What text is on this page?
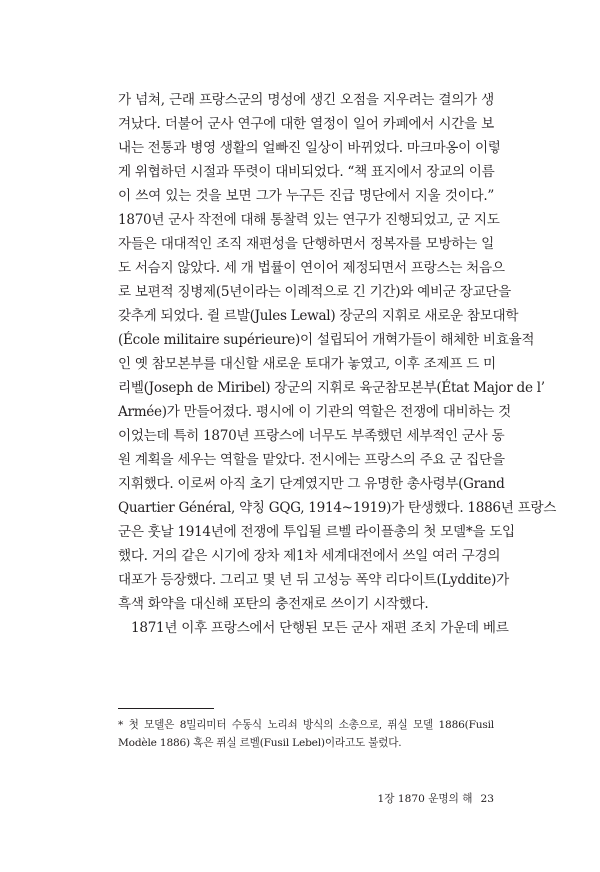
가 넘쳐, 근래 프랑스군의 명성에 생긴 오점을 지우려는 결의가 생
겨났다. 더불어 군사 연구에 대한 열정이 일어 카페에서 시간을 보
내는 전통과 병영 생활의 얼빠진 일상이 바뀌었다. 마크마옹이 이렇
게 위협하던 시절과 뚜렷이 대비되었다. “책 표지에서 장교의 이름
이 쓰여 있는 것을 보면 그가 누구든 진급 명단에서 지울 것이다.”
1870년 군사 작전에 대해 통찰력 있는 연구가 진행되었고, 군 지도
자들은 대대적인 조직 재편성을 단행하면서 정복자를 모방하는 일
도 서슴지 않았다. 세 개 법률이 연이어 제정되면서 프랑스는 처음으
로 보편적 징병제(5년이라는 이례적으로 긴 기간)와 예비군 장교단을
갖추게 되었다. 쥘 르발(Jules Lewal) 장군의 지휘로 새로운 참모대학
(École militaire supérieure)이 설립되어 개혁가들이 해체한 비효율적
인 옛 참모본부를 대신할 새로운 토대가 놓였고, 이후 조제프 드 미
리벨(Joseph de Miribel) 장군의 지휘로 육군참모본부(État Major de l’
Armée)가 만들어졌다. 평시에 이 기관의 역할은 전쟁에 대비하는 것
이었는데 특히 1870년 프랑스에 너무도 부족했던 세부적인 군사 동
원 계획을 세우는 역할을 맡았다. 전시에는 프랑스의 주요 군 집단을
지휘했다. 이로써 아직 초기 단계였지만 그 유명한 총사령부(Grand
Quartier Général, 약칭 GQG, 1914~1919)가 탄생했다. 1886년 프랑스
군은 훗날 1914년에 전쟁에 투입될 르벨 라이플총의 첫 모델*을 도입
했다. 거의 같은 시기에 장차 제1차 세계대전에서 쓰일 여러 구경의
대포가 등장했다. 그리고 몇 년 뒤 고성능 폭약 리다이트(Lyddite)가
흑색 화약을 대신해 포탄의 충전재로 쓰이기 시작했다.
1871년 이후 프랑스에서 단행된 모든 군사 재편 조치 가운데 베르
* 첫 모델은 8밀리미터 수동식 노리쇠 방식의 소총으로, 퓌실 모델 1886(Fusil
Modèle 1886) 혹은 퓌실 르벨(Fusil Lebel)이라고도 불렸다.
1장 1870 운명의 해 23
